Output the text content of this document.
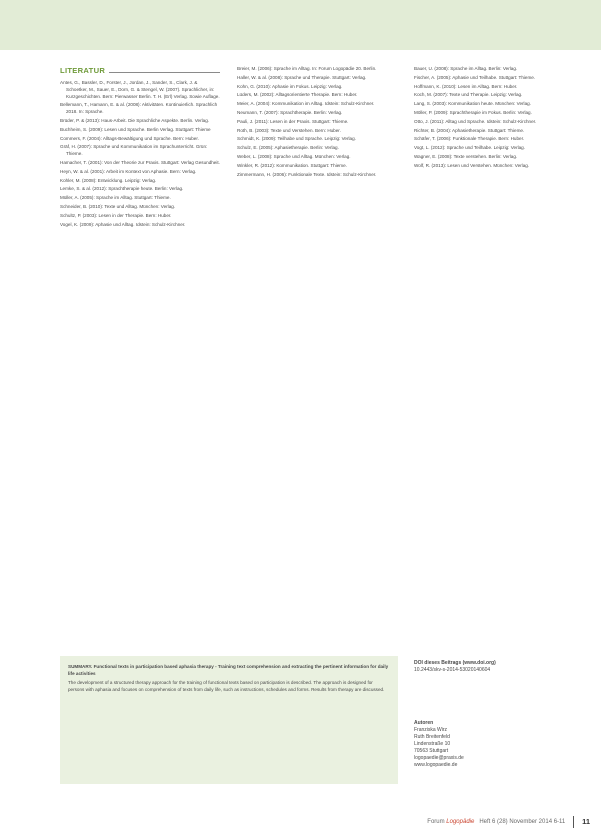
LITERATUR

Antes, G., Bassler, D., Forster, J., Jordan, J., Sander, S., Clark, J. & Schoetker, M., Sauer, E., Dorn, G. & Stengel, W. (2007). Sprachlicher, in: Kurzgeschichten. Bern: Pierwasser Berlin. T. H. (Erl) Verlag. Sowie Auflage.

Bellemann, T., Hamann, E. & al. (2008): Aktivitäten. Kontinuierlich. Sprachlich 2018. In: Sprache.

Brüder, P. & (2013): Haus-Arbeit. Die Sprachliche Aspekte. Berlin. Verlag.

Buchheim, S. (2009): Lesen und Sprache. Berlin Verlag. Stuttgart: Thieme

Commers, F. (2004): Alltags-Bewältigung und Sprache. Bern: Huber.

Gräf, H. (2007): Sprache und Kommunikation im Sprachunterricht. Grün: Thieme.

Hamacher, T. (2001): Von der Theorie zur Praxis. Stuttgart: Verlag Gesundheit.

Heyn, W. & al. (2001): Arbeit im Kontext von Aphasie. Bern: Verlag.

Kohler, M. (2008): Entwicklung. Leipzig: Verlag.

Lemke, S. & al. (2012): Sprachtherapie heute. Berlin: Verlag.

Müller, A. (2005): Sprache im Alltag. Stuttgart: Thieme.

Schneider, B. (2010): Texte und Alltag. München: Verlag.

Schultz, P. (2003): Lesen in der Therapie. Bern: Huber.

Vogel, K. (2009): Aphasie und Alltag. Idstein: Schulz-Kirchner.

Breier, M. (2006): Sprache im Alltag. In: Forum Logopädie 20. Berlin.

Haller, W. & al. (2008): Sprache und Therapie. Stuttgart: Verlag.

Kohn, G. (2010): Aphasie im Fokus. Leipzig: Verlag.

Lüders, M. (2002): Alltagsorientierte Therapie. Bern: Huber.

Meier, A. (2004): Kommunikation im Alltag. Idstein: Schulz-Kirchner.

Neumann, T. (2007): Sprachtherapie. Berlin: Verlag.

Pauli, J. (2011): Lesen in der Praxis. Stuttgart: Thieme.

Roth, B. (2003): Texte und Verstehen. Bern: Huber.

Schmidt, K. (2009): Teilhabe und Sprache. Leipzig: Verlag.

Schulz, E. (2005): Aphasietherapie. Berlin: Verlag.

Weber, L. (2008): Sprache und Alltag. München: Verlag.

Winkler, R. (2012): Kommunikation. Stuttgart: Thieme.

Zimmermann, H. (2006): Funktionale Texte. Idstein: Schulz-Kirchner.

Bauer, U. (2008): Sprache im Alltag. Berlin: Verlag.

Fischer, A. (2005): Aphasie und Teilhabe. Stuttgart: Thieme.

Hoffmann, K. (2010): Lesen im Alltag. Bern: Huber.

Koch, M. (2007): Texte und Therapie. Leipzig: Verlag.

Lang, S. (2003): Kommunikation heute. München: Verlag.

Möller, P. (2009): Sprachtherapie im Fokus. Berlin: Verlag.

Otto, J. (2011): Alltag und Sprache. Idstein: Schulz-Kirchner.

Richter, B. (2004): Aphasietherapie. Stuttgart: Thieme.

Schäfer, T. (2006): Funktionale Therapie. Bern: Huber.

Vogt, L. (2012): Sprache und Teilhabe. Leipzig: Verlag.

Wagner, E. (2008): Texte verstehen. Berlin: Verlag.

Wolf, R. (2013): Lesen und Verstehen. München: Verlag.

SUMMARY. Functional texts in participation based aphasia therapy - Training text comprehension and extracting the pertinent information for daily life activities
The development of a structured therapy approach for the training of functional texts based on participation is described. The approach is designed for persons with aphasia and focuses on comprehension of texts from daily life, such as instructions, schedules and forms. Results from therapy are discussed.
DOI dieses Beitrags (www.doi.org)
10.2443/skv-s-2014-53020140604
Autoren
Franziska Wirz
Ruth Breitenfeld
Lindenstraße 10
70563 Stuttgart
logopaedie@praxis.de
www.logopaedie.de
Forum Logopädie Heft 6 (28) November 2014 6-11 11
